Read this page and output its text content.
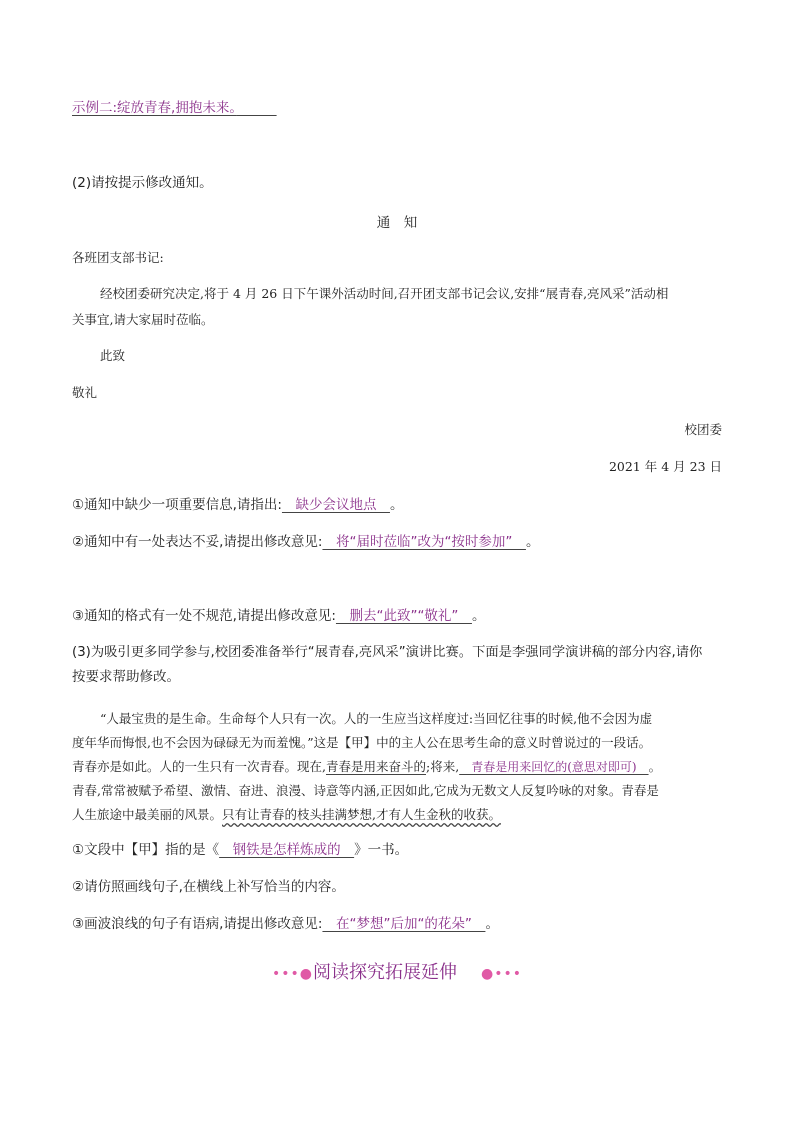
示例二:绽放青春,拥抱未来。　　　
(2)请按提示修改通知。
通　知
各班团支部书记:
经校团委研究决定,将于 4 月 26 日下午课外活动时间,召开团支部书记会议,安排“展青春,亮风采”活动相
关事宜,请大家届时莅临。
此致
敬礼
校团委
2021 年 4 月 23 日
①通知中缺少一项重要信息,请指出:　缺少会议地点　。
②通知中有一处表达不妥,请提出修改意见:　将“届时莅临”改为“按时参加”　。
③通知的格式有一处不规范,请提出修改意见:　删去“此致”“敬礼”　。
(3)为吸引更多同学参与,校团委准备举行“展青春,亮风采”演讲比赛。下面是李强同学演讲稿的部分内容,请你
按要求帮助修改。
“人最宝贵的是生命。生命每个人只有一次。人的一生应当这样度过:当回忆往事的时候,他不会因为虚
度年华而悔恨,也不会因为碌碌无为而羞愧。”这是【甲】中的主人公在思考生命的意义时曾说过的一段话。
青春亦是如此。人的一生只有一次青春。现在,青春是用来奋斗的;将来,　青春是用来回忆的(意思对即可)　。
青春,常常被赋予希望、激情、奋进、浪漫、诗意等内涵,正因如此,它成为无数文人反复吟咏的对象。青春是
人生旅途中最美丽的风景。只有让青春的枝头挂满梦想,才有人生金秋的收获。
①文段中【甲】指的是《　钢铁是怎样炼成的　》一书。
②请仿照画线句子,在横线上补写恰当的内容。
③画波浪线的句子有语病,请提出修改意见:　在“梦想”后加“的花朵”　。
•••●阅读探究拓展延伸 ●•••
